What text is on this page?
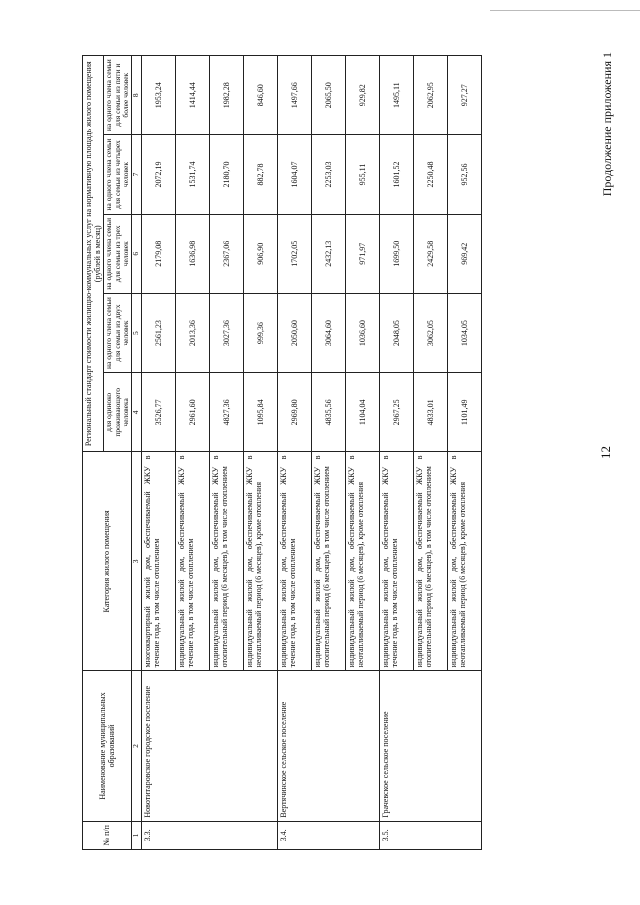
12
Продолжение приложения 1
№ п/п	Наименование муниципальных образований	Категория жилого помещения	Региональный стандарт стоимости жилищно-коммунальных услуг на нормативную площадь жилого помещения (рублей в месяц)				
			для одиноко проживающего человека	на одного члена семьи для семьи из двух человек	на одного члена семьи для семьи из трех человек	на одного члена семьи для семьи из четырех человек	на одного члена семьи для семьи из пяти и более человек
1	2	3	4	5	6	7	8
3.3.	Новотитаровское городское поселение	многоквартирный жилой дом, обеспечиваемый ЖКУ в течение года, в том числе отоплением	3526,77	2561,23	2179,08	2072,19	1953,24
		индивидуальный жилой дом, обеспечиваемый ЖКУ в течение года, в том числе отоплением	2961,60	2013,36	1636,98	1531,74	1414,44
		индивидуальный жилой дом, обеспечиваемый ЖКУ в отопительный период (6 месяцев), в том числе отоплением	4827,36	3027,36	2367,06	2180,70	1982,28
		индивидуальный жилой дом, обеспечиваемый ЖКУ в неотапливаемый период (6 месяцев), кроме отопления	1095,84	999,36	906,90	882,78	846,60
3.4.	Вертячинское сельское поселение	индивидуальный жилой дом, обеспечиваемый ЖКУ в течение года, в том числе отоплением	2969,80	2050,60	1702,05	1604,07	1497,66
		индивидуальный жилой дом, обеспечиваемый ЖКУ в отопительный период (6 месяцев), в том числе отоплением	4835,56	3064,60	2432,13	2253,03	2065,50
		индивидуальный жилой дом, обеспечиваемый ЖКУ в неотапливаемый период (6 месяцев), кроме отопления	1104,04	1036,60	971,97	955,11	929,82
3.5.	Грачевское сельское поселение	индивидуальный жилой дом, обеспечиваемый ЖКУ в течение года, в том числе отоплением	2967,25	2048,05	1699,50	1601,52	1495,11
		индивидуальный жилой дом, обеспечиваемый ЖКУ в отопительный период (6 месяцев), в том числе отоплением	4833,01	3062,05	2429,58	2250,48	2062,95
		индивидуальный жилой дом, обеспечиваемый ЖКУ в неотапливаемый период (6 месяцев), кроме отопления	1101,49	1034,05	969,42	952,56	927,27
